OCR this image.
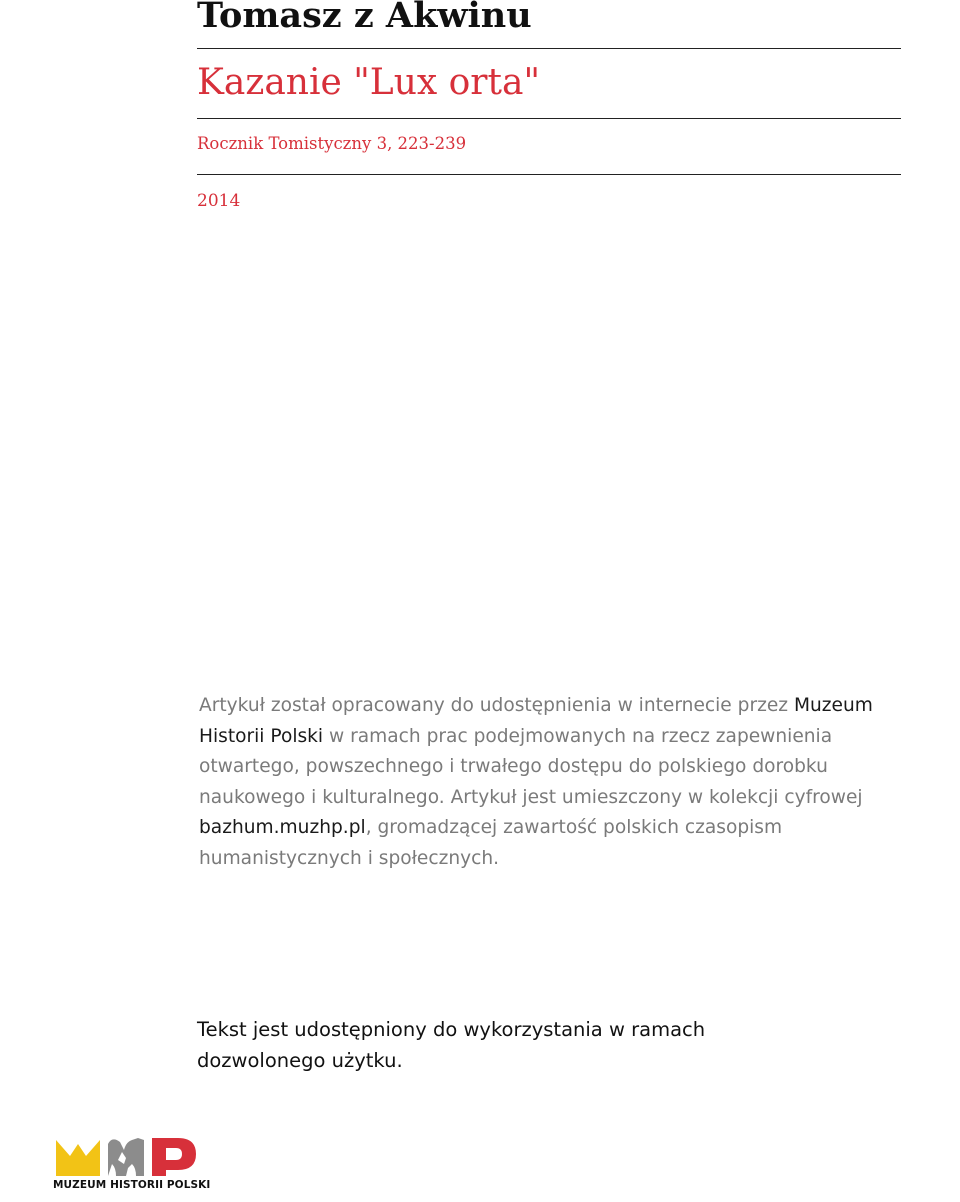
Tomasz z Akwinu
Kazanie "Lux orta"
Rocznik Tomistyczny 3, 223-239
2014

Artykuł został opracowany do udostępnienia w internecie przez Muzeum Historii Polski w ramach prac podejmowanych na rzecz zapewnienia otwartego, powszechnego i trwałego dostępu do polskiego dorobku naukowego i kulturalnego. Artykuł jest umieszczony w kolekcji cyfrowej bazhum.muzhp.pl, gromadzącej zawartość polskich czasopism humanistycznych i społecznych.

Tekst jest udostępniony do wykorzystania w ramach dozwolonego użytku.

MUZEUM HISTORII POLSKI
